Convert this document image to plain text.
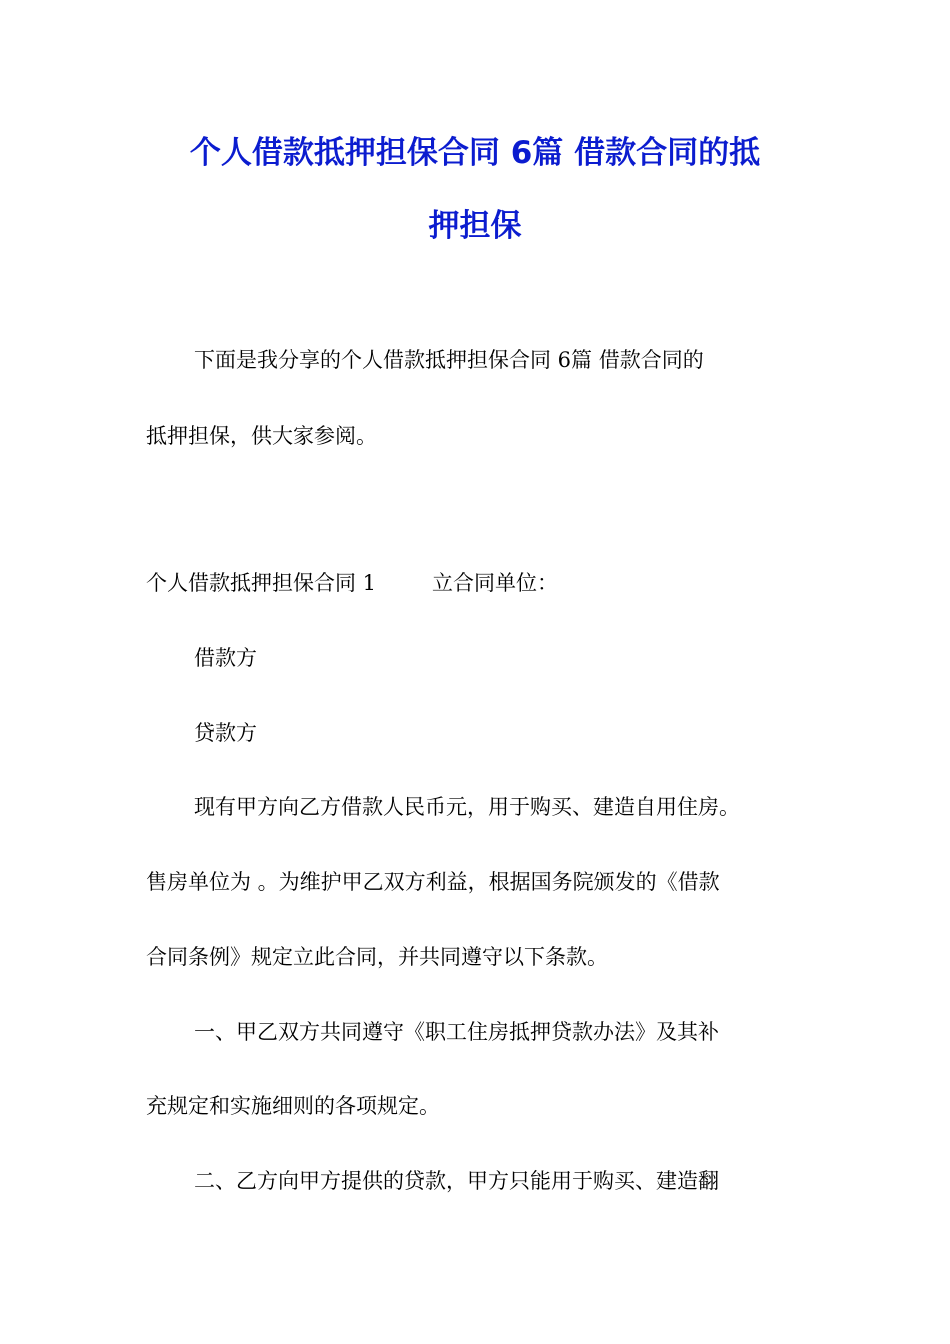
个人借款抵押担保合同 6篇 借款合同的抵
押担保

下面是我分享的个人借款抵押担保合同 6篇 借款合同的

抵押担保，供大家参阅。

个人借款抵押担保合同 1	立合同单位：

借款方

贷款方

现有甲方向乙方借款人民币元，用于购买、建造自用住房。

售房单位为 。为维护甲乙双方利益，根据国务院颁发的《借款

合同条例》规定立此合同，并共同遵守以下条款。

一、甲乙双方共同遵守《职工住房抵押贷款办法》及其补

充规定和实施细则的各项规定。

二、乙方向甲方提供的贷款，甲方只能用于购买、建造翻
